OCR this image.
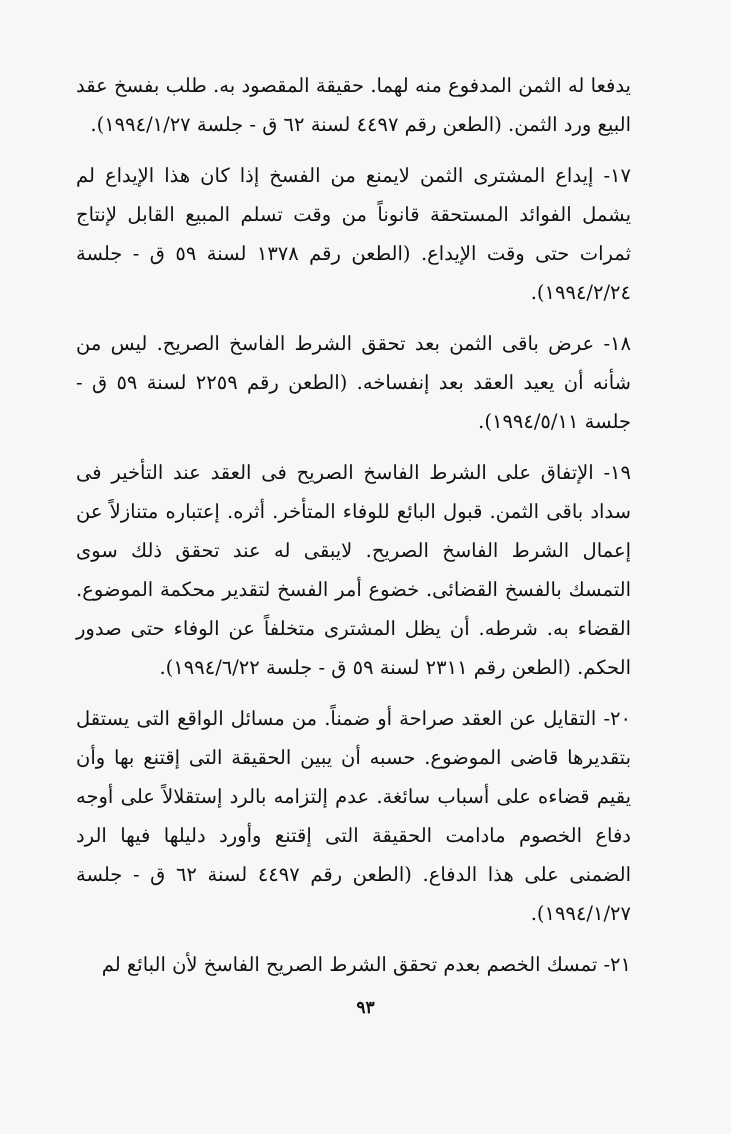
يدفعا له الثمن المدفوع منه لهما. حقيقة المقصود به. طلب بفسخ عقد البيع ورد الثمن. (الطعن رقم ٤٤٩٧ لسنة ٦٢ ق - جلسة ١٩٩٤/١/٢٧).

١٧- إيداع المشترى الثمن لايمنع من الفسخ إذا كان هذا الإيداع لم يشمل الفوائد المستحقة قانوناً من وقت تسلم المبيع القابل لإنتاج ثمرات حتى وقت الإيداع. (الطعن رقم ١٣٧٨ لسنة ٥٩ ق - جلسة ١٩٩٤/٢/٢٤).

١٨- عرض باقى الثمن بعد تحقق الشرط الفاسخ الصريح. ليس من شأنه أن يعيد العقد بعد إنفساخه. (الطعن رقم ٢٢٥٩ لسنة ٥٩ ق - جلسة ١٩٩٤/٥/١١).

١٩- الإتفاق على الشرط الفاسخ الصريح فى العقد عند التأخير فى سداد باقى الثمن. قبول البائع للوفاء المتأخر. أثره. إعتباره متنازلاً عن إعمال الشرط الفاسخ الصريح. لايبقى له عند تحقق ذلك سوى التمسك بالفسخ القضائى. خضوع أمر الفسخ لتقدير محكمة الموضوع. القضاء به. شرطه. أن يظل المشترى متخلفاً عن الوفاء حتى صدور الحكم. (الطعن رقم ٢٣١١ لسنة ٥٩ ق - جلسة ١٩٩٤/٦/٢٢).

٢٠- التقايل عن العقد صراحة أو ضمناً. من مسائل الواقع التى يستقل بتقديرها قاضى الموضوع. حسبه أن يبين الحقيقة التى إقتنع بها وأن يقيم قضاءه على أسباب سائغة. عدم إلتزامه بالرد إستقلالاً على أوجه دفاع الخصوم مادامت الحقيقة التى إقتنع وأورد دليلها فيها الرد الضمنى على هذا الدفاع. (الطعن رقم ٤٤٩٧ لسنة ٦٢ ق - جلسة ١٩٩٤/١/٢٧).

٢١- تمسك الخصم بعدم تحقق الشرط الصريح الفاسخ لأن البائع لم

٩٣
